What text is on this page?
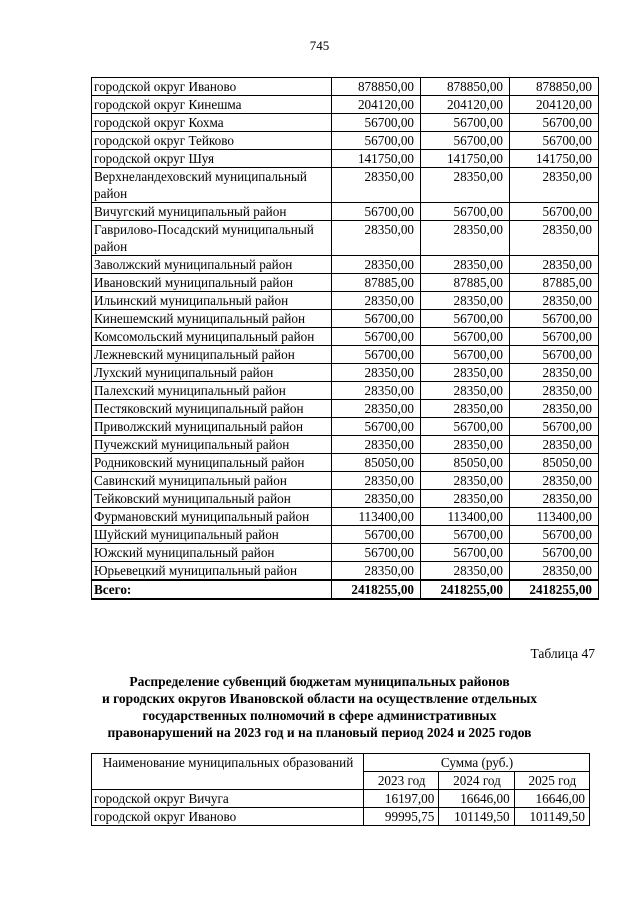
745
городской округ Иваново	878850,00	878850,00	878850,00
городской округ Кинешма	204120,00	204120,00	204120,00
городской округ Кохма	56700,00	56700,00	56700,00
городской округ Тейково	56700,00	56700,00	56700,00
городской округ Шуя	141750,00	141750,00	141750,00
Верхнеландеховский муниципальный район	28350,00	28350,00	28350,00
Вичугский муниципальный район	56700,00	56700,00	56700,00
Гаврилово-Посадский муниципальный район	28350,00	28350,00	28350,00
Заволжский муниципальный район	28350,00	28350,00	28350,00
Ивановский муниципальный район	87885,00	87885,00	87885,00
Ильинский муниципальный район	28350,00	28350,00	28350,00
Кинешемский муниципальный район	56700,00	56700,00	56700,00
Комсомольский муниципальный район	56700,00	56700,00	56700,00
Лежневский муниципальный район	56700,00	56700,00	56700,00
Лухский муниципальный район	28350,00	28350,00	28350,00
Палехский муниципальный район	28350,00	28350,00	28350,00
Пестяковский муниципальный район	28350,00	28350,00	28350,00
Приволжский муниципальный район	56700,00	56700,00	56700,00
Пучежский муниципальный район	28350,00	28350,00	28350,00
Родниковский муниципальный район	85050,00	85050,00	85050,00
Савинский муниципальный район	28350,00	28350,00	28350,00
Тейковский муниципальный район	28350,00	28350,00	28350,00
Фурмановский муниципальный район	113400,00	113400,00	113400,00
Шуйский муниципальный район	56700,00	56700,00	56700,00
Южский муниципальный район	56700,00	56700,00	56700,00
Юрьевецкий муниципальный район	28350,00	28350,00	28350,00
Всего:	2418255,00	2418255,00	2418255,00
Таблица 47
Распределение субвенций бюджетам муниципальных районов
и городских округов Ивановской области на осуществление отдельных
государственных полномочий в сфере административных
правонарушений на 2023 год и на плановый период 2024 и 2025 годов
Наименование муниципальных образований	Сумма (руб.)		
	2023 год	2024 год	2025 год
городской округ Вичуга	16197,00	16646,00	16646,00
городской округ Иваново	99995,75	101149,50	101149,50
